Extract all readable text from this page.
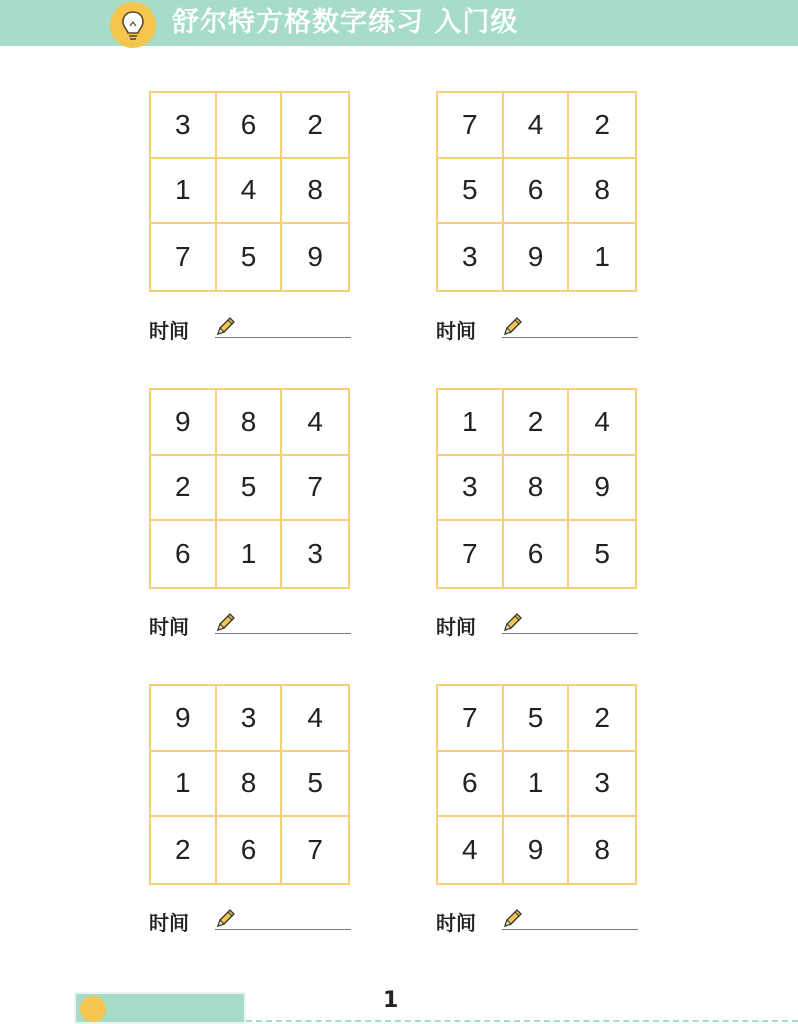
舒尔特方格数字练习 入门级
3	6	2
1	4	8
7	5	9
时间
7	4	2
5	6	8
3	9	1
时间
9	8	4
2	5	7
6	1	3
时间
1	2	4
3	8	9
7	6	5
时间
9	3	4
1	8	5
2	6	7
时间
7	5	2
6	1	3
4	9	8
时间
1
